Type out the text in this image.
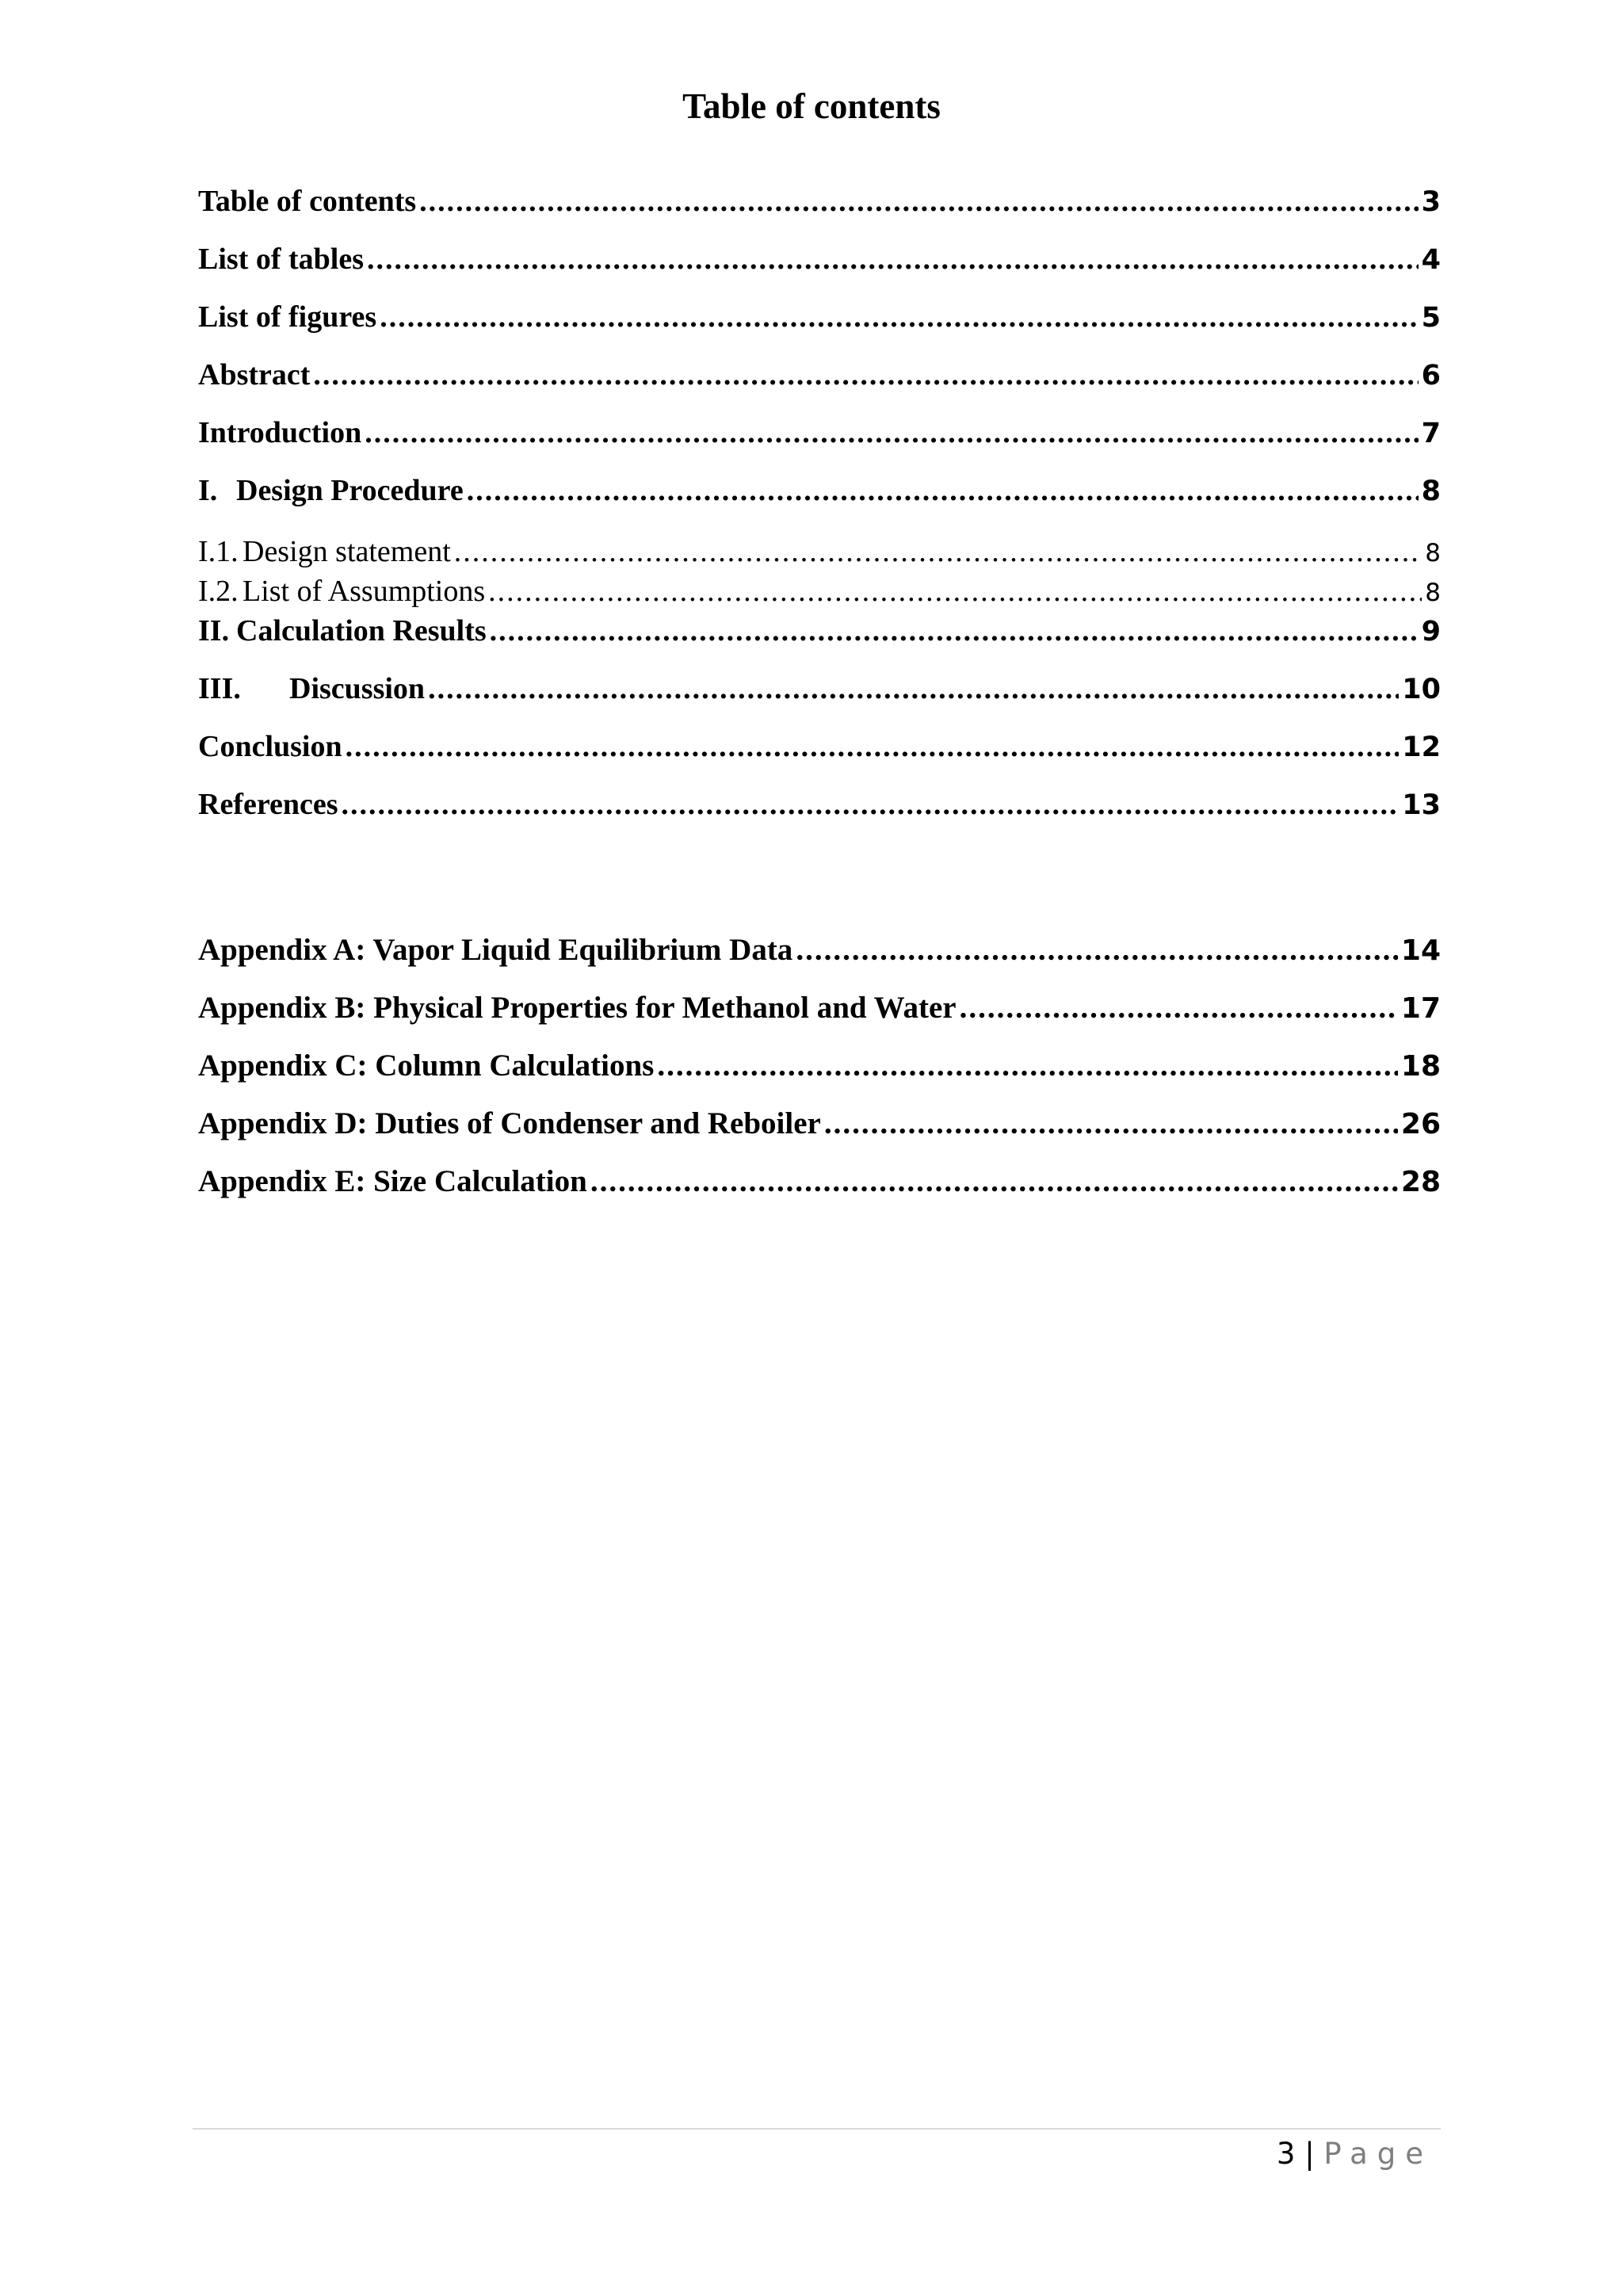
Table of contents
Table of contents .....	3
List of tables .....	4
List of figures .....	5
Abstract .....	6
Introduction .....	7
I. Design Procedure .....	8
I.1. Design statement .....	8
I.2. List of Assumptions .....	8
II. Calculation Results .....	9
III.	Discussion .....	10
Conclusion .....	12
References .....	13
Appendix A: Vapor Liquid Equilibrium Data .....	14
Appendix B: Physical Properties for Methanol and Water .....	17
Appendix C: Column Calculations .....	18
Appendix D: Duties of Condenser and Reboiler .....	26
Appendix E: Size Calculation .....	28
3 | Page
